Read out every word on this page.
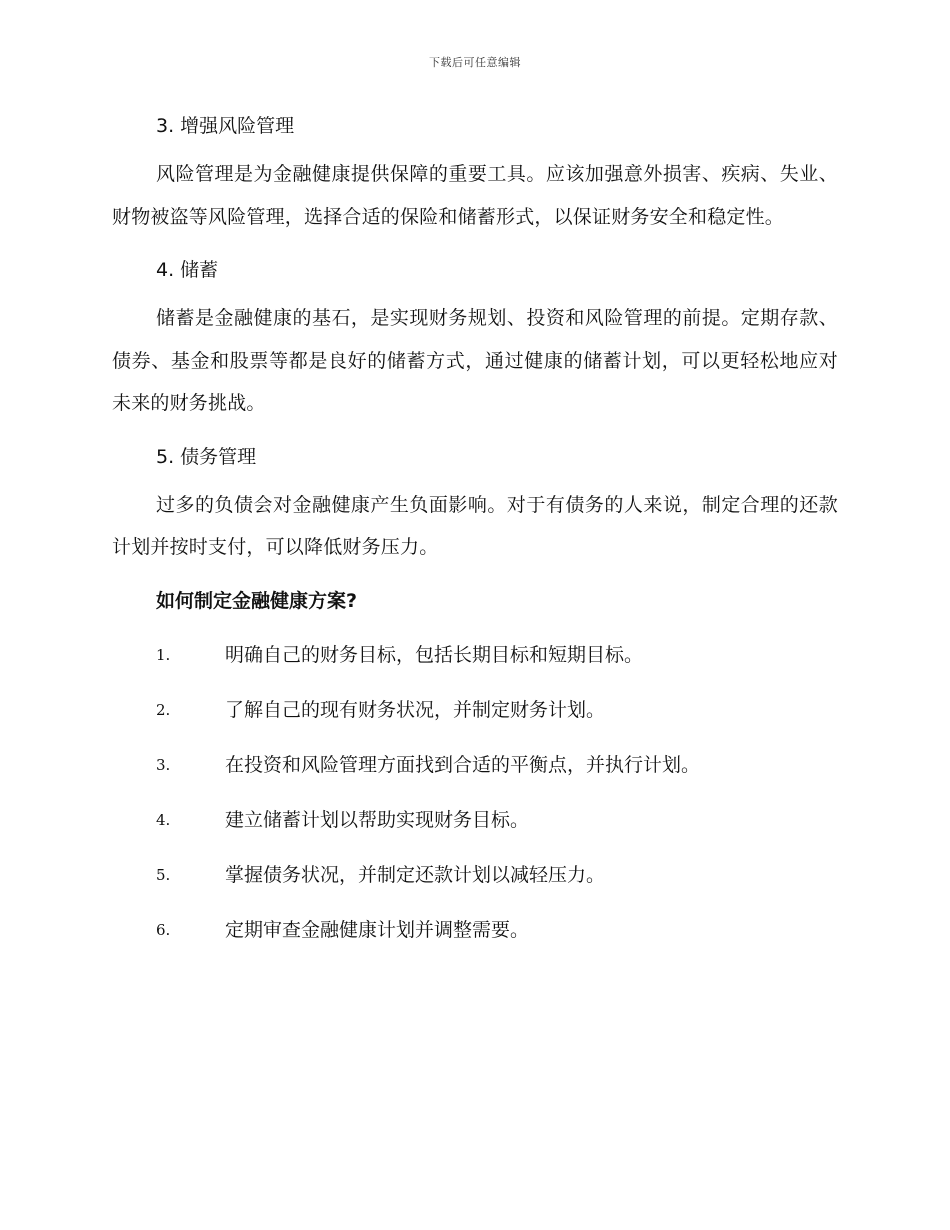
下载后可任意编辑
3. 增强风险管理

风险管理是为金融健康提供保障的重要工具。应该加强意外损害、疾病、失业、财物被盗等风险管理，选择合适的保险和储蓄形式，以保证财务安全和稳定性。

4. 储蓄

储蓄是金融健康的基石，是实现财务规划、投资和风险管理的前提。定期存款、债券、基金和股票等都是良好的储蓄方式，通过健康的储蓄计划，可以更轻松地应对未来的财务挑战。

5. 债务管理

过多的负债会对金融健康产生负面影响。对于有债务的人来说，制定合理的还款计划并按时支付，可以降低财务压力。

如何制定金融健康方案?
1.	明确自己的财务目标，包括长期目标和短期目标。
2.	了解自己的现有财务状况，并制定财务计划。
3.	在投资和风险管理方面找到合适的平衡点，并执行计划。
4.	建立储蓄计划以帮助实现财务目标。
5.	掌握债务状况，并制定还款计划以减轻压力。
6.	定期审查金融健康计划并调整需要。
